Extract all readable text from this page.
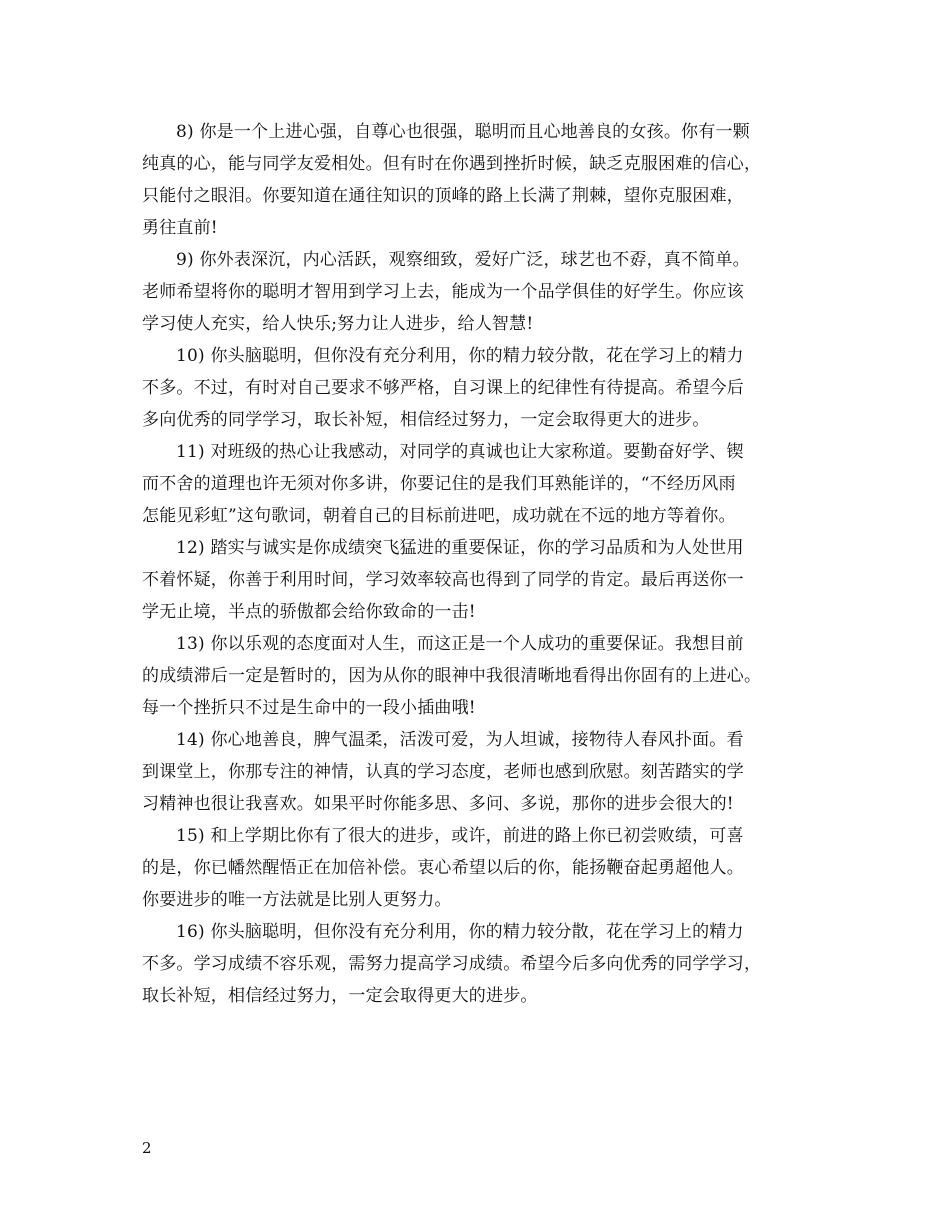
8) 你是一个上进心强，自尊心也很强，聪明而且心地善良的女孩。你有一颗
纯真的心，能与同学友爱相处。但有时在你遇到挫折时候，缺乏克服困难的信心，
只能付之眼泪。你要知道在通往知识的顶峰的路上长满了荆棘，望你克服困难，
勇往直前!
9) 你外表深沉，内心活跃，观察细致，爱好广泛，球艺也不孬，真不简单。
老师希望将你的聪明才智用到学习上去，能成为一个品学俱佳的好学生。你应该
学习使人充实，给人快乐;努力让人进步，给人智慧!
10) 你头脑聪明，但你没有充分利用，你的精力较分散，花在学习上的精力
不多。不过，有时对自己要求不够严格，自习课上的纪律性有待提高。希望今后
多向优秀的同学学习，取长补短，相信经过努力，一定会取得更大的进步。
11) 对班级的热心让我感动，对同学的真诚也让大家称道。要勤奋好学、锲
而不舍的道理也许无须对你多讲，你要记住的是我们耳熟能详的，“不经历风雨
怎能见彩虹”这句歌词，朝着自己的目标前进吧，成功就在不远的地方等着你。
12) 踏实与诚实是你成绩突飞猛进的重要保证，你的学习品质和为人处世用
不着怀疑，你善于利用时间，学习效率较高也得到了同学的肯定。最后再送你一
学无止境，半点的骄傲都会给你致命的一击!
13) 你以乐观的态度面对人生，而这正是一个人成功的重要保证。我想目前
的成绩滞后一定是暂时的，因为从你的眼神中我很清晰地看得出你固有的上进心。
每一个挫折只不过是生命中的一段小插曲哦!
14) 你心地善良，脾气温柔，活泼可爱，为人坦诚，接物待人春风扑面。看
到课堂上，你那专注的神情，认真的学习态度，老师也感到欣慰。刻苦踏实的学
习精神也很让我喜欢。如果平时你能多思、多问、多说，那你的进步会很大的!
15) 和上学期比你有了很大的进步，或许，前进的路上你已初尝败绩，可喜
的是，你已幡然醒悟正在加倍补偿。衷心希望以后的你，能扬鞭奋起勇超他人。
你要进步的唯一方法就是比别人更努力。
16) 你头脑聪明，但你没有充分利用，你的精力较分散，花在学习上的精力
不多。学习成绩不容乐观，需努力提高学习成绩。希望今后多向优秀的同学学习，
取长补短，相信经过努力，一定会取得更大的进步。
2
